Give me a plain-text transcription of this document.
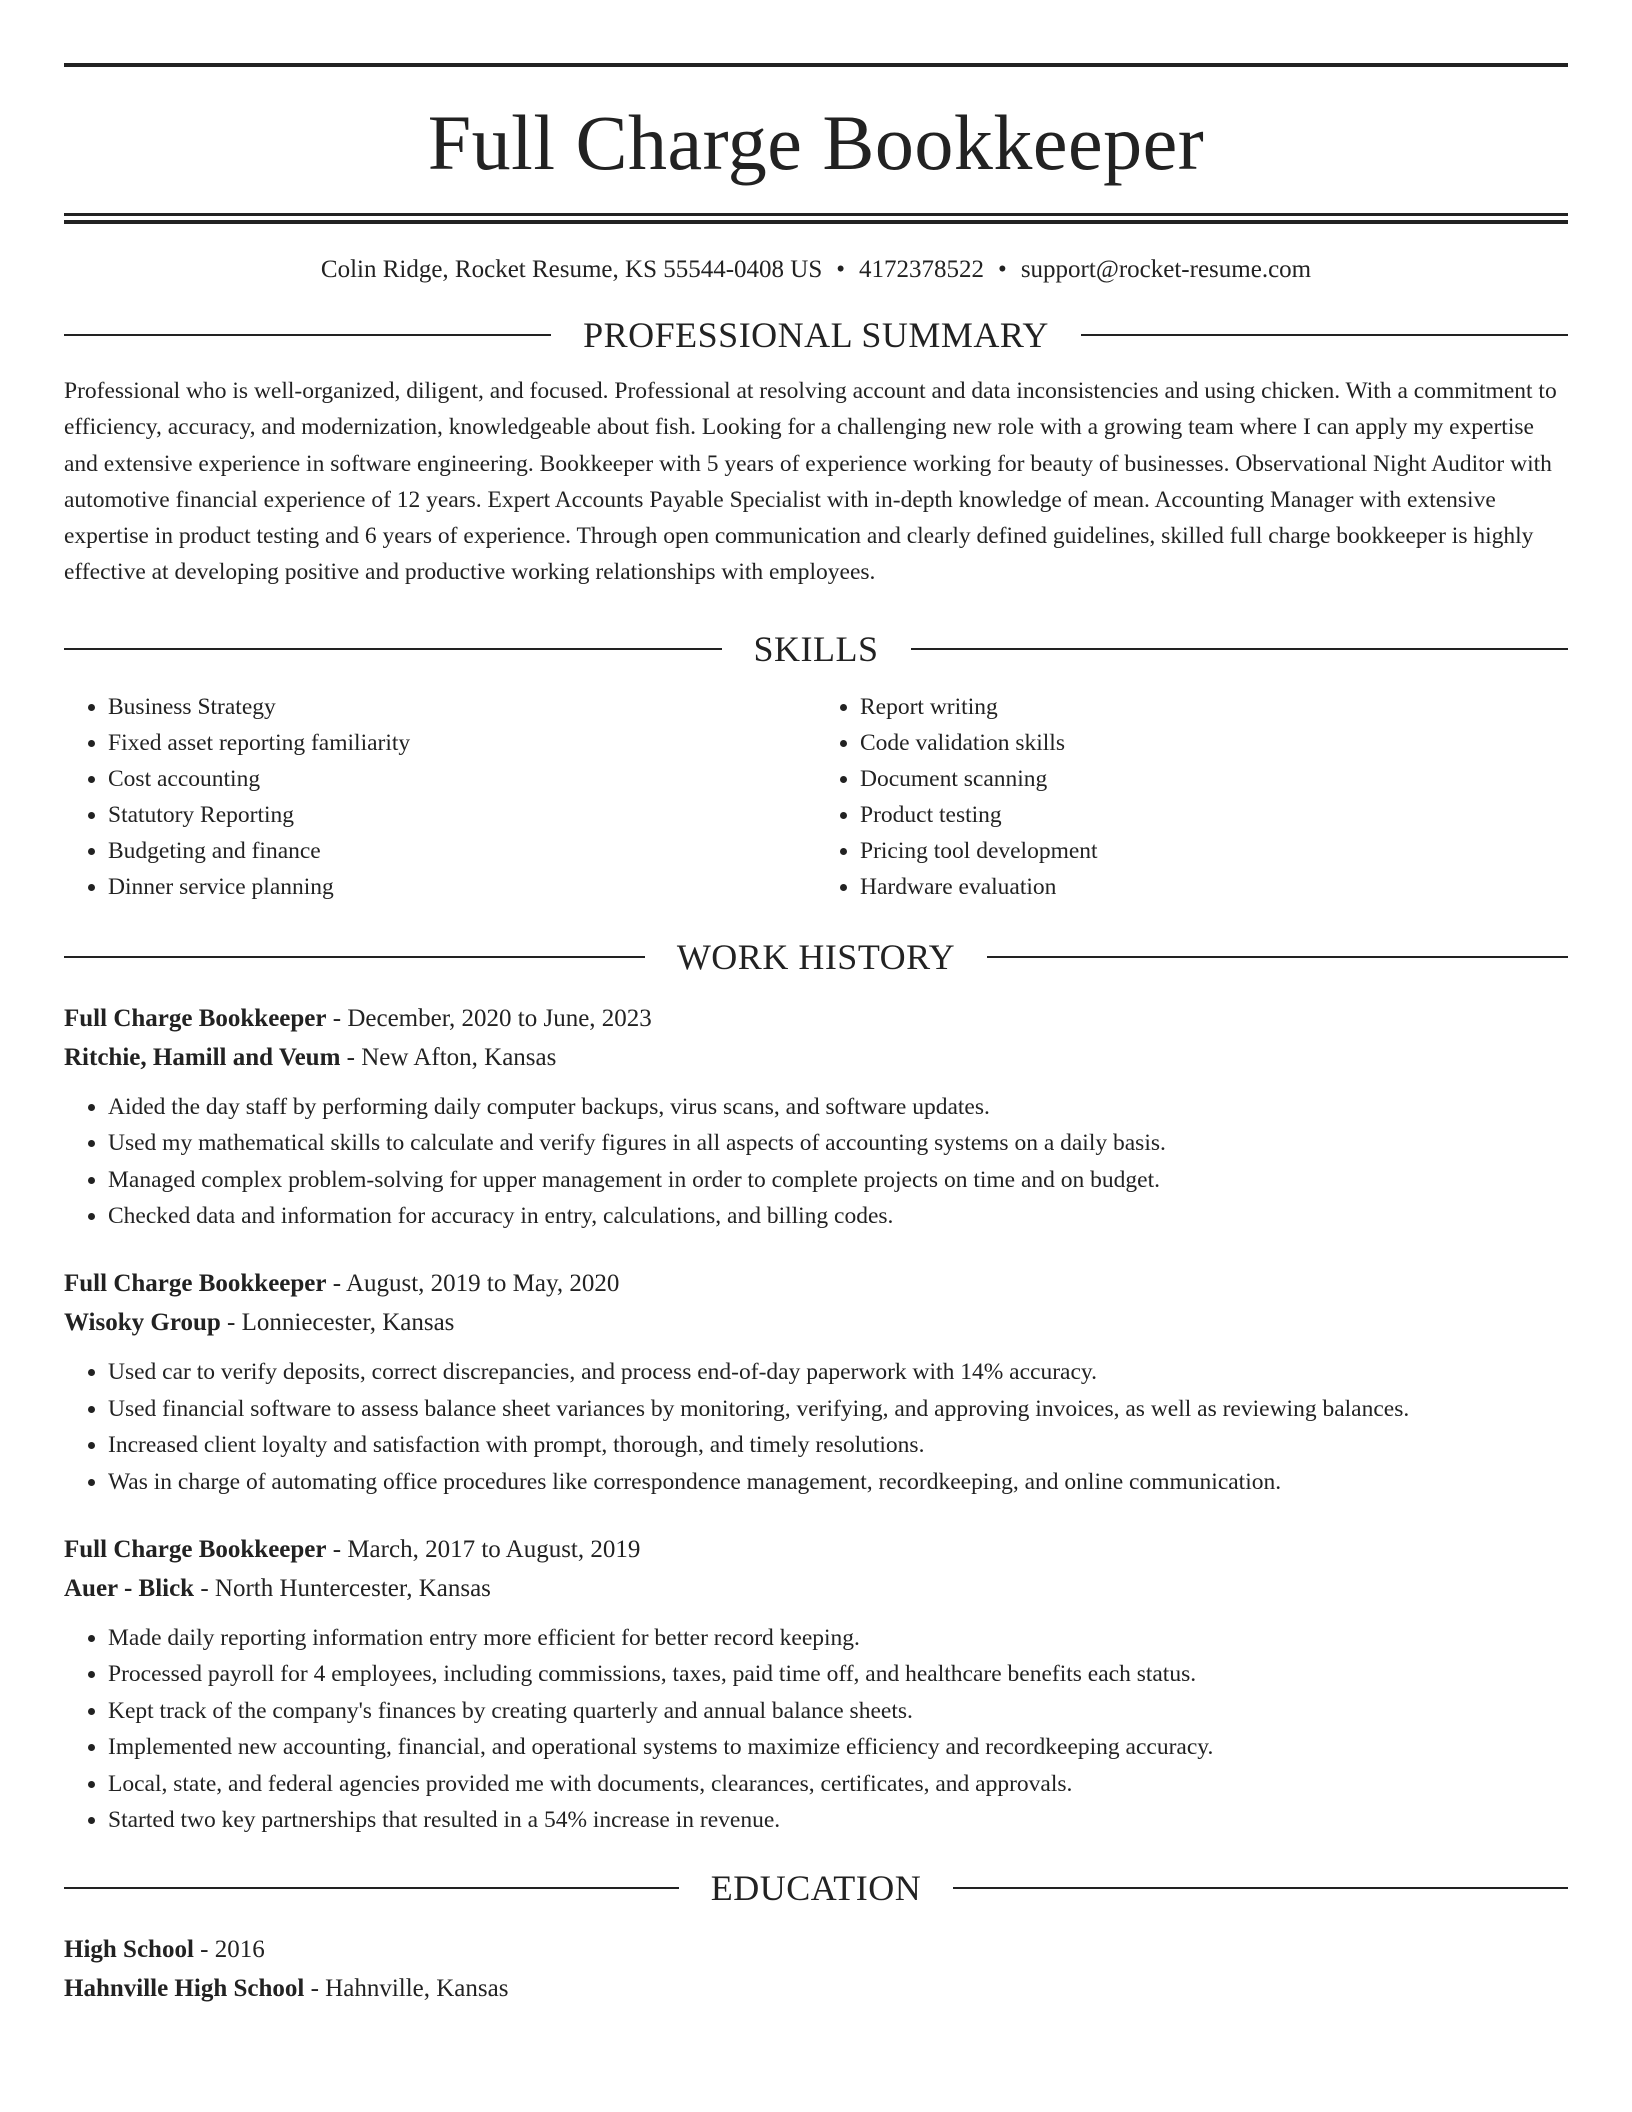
Full Charge Bookkeeper
Colin Ridge, Rocket Resume, KS 55544-0408 US • 4172378522 • support@rocket-resume.com
PROFESSIONAL SUMMARY
Professional who is well-organized, diligent, and focused. Professional at resolving account and data inconsistencies and using chicken. With a commitment to efficiency, accuracy, and modernization, knowledgeable about fish. Looking for a challenging new role with a growing team where I can apply my expertise and extensive experience in software engineering. Bookkeeper with 5 years of experience working for beauty of businesses. Observational Night Auditor with automotive financial experience of 12 years. Expert Accounts Payable Specialist with in-depth knowledge of mean. Accounting Manager with extensive expertise in product testing and 6 years of experience. Through open communication and clearly defined guidelines, skilled full charge bookkeeper is highly effective at developing positive and productive working relationships with employees.
SKILLS
• Business Strategy
• Fixed asset reporting familiarity
• Cost accounting
• Statutory Reporting
• Budgeting and finance
• Dinner service planning
• Report writing
• Code validation skills
• Document scanning
• Product testing
• Pricing tool development
• Hardware evaluation
WORK HISTORY
Full Charge Bookkeeper - December, 2020 to June, 2023
Ritchie, Hamill and Veum - New Afton, Kansas
• Aided the day staff by performing daily computer backups, virus scans, and software updates.
• Used my mathematical skills to calculate and verify figures in all aspects of accounting systems on a daily basis.
• Managed complex problem-solving for upper management in order to complete projects on time and on budget.
• Checked data and information for accuracy in entry, calculations, and billing codes.
Full Charge Bookkeeper - August, 2019 to May, 2020
Wisoky Group - Lonniecester, Kansas
• Used car to verify deposits, correct discrepancies, and process end-of-day paperwork with 14% accuracy.
• Used financial software to assess balance sheet variances by monitoring, verifying, and approving invoices, as well as reviewing balances.
• Increased client loyalty and satisfaction with prompt, thorough, and timely resolutions.
• Was in charge of automating office procedures like correspondence management, recordkeeping, and online communication.
Full Charge Bookkeeper - March, 2017 to August, 2019
Auer - Blick - North Huntercester, Kansas
• Made daily reporting information entry more efficient for better record keeping.
• Processed payroll for 4 employees, including commissions, taxes, paid time off, and healthcare benefits each status.
• Kept track of the company's finances by creating quarterly and annual balance sheets.
• Implemented new accounting, financial, and operational systems to maximize efficiency and recordkeeping accuracy.
• Local, state, and federal agencies provided me with documents, clearances, certificates, and approvals.
• Started two key partnerships that resulted in a 54% increase in revenue.
EDUCATION
High School - 2016
Hahnville High School - Hahnville, Kansas
